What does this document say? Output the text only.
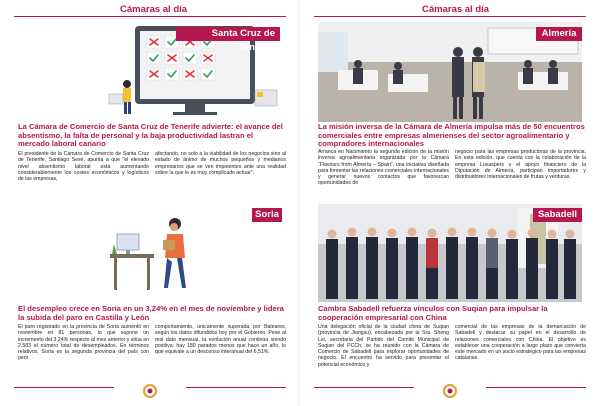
Cámaras al día
Santa Cruz de Tenerife
La Cámara de Comercio de Santa Cruz de Tenerife advierte: el avance del absentismo, la falta de personal y la baja productividad lastran el mercado laboral canario

El presidente de la Cámara de Comercio de Santa Cruz de Tenerife, Santiago Sesé, apunta a que “el elevado nivel absentismo laboral está aumentando considerablemente los costes económicos y logísticos de las empresas,

afectando, no solo a la viabilidad de los negocios sino al estado de ánimo de muchos pequeños y medianos empresarios que se ven impotentes ante una realidad sobre la que le es muy complicado actuar”.

Soria
El desempleo crece en Soria en un 3,24% en el mes de noviembre y lidera la subida del paro en Castilla y León

El paro registrado en la provincia de Soria aumentó en noviembre en 81 personas, lo que supone un incremento del 3,24% respecto al mes anterior y sitúa en 2.583 el número total de desempleados. En términos relativos, Soria es la segunda provincia del país con peor

comportamiento, únicamente superada por Baleares, según los datos difundidos hoy por el Gobierno. Pese al mal dato mensual, la evolución anual continúa siendo positiva: hay 180 parados menos que hace un año, lo que equivale a un descenso interanual del 6,51%.

Cámaras al día
Almería
La misión inversa de la Cámara de Almería impulsa más de 50 encuentros comerciales entre empresas almerienses del sector agroalimentario y compradores internacionales

Arranca en Nacimiento la segunda edición de la misión inversa agroalimentaria organizada por la Cámara “Flavours from Almería – Spain”, una iniciativa diseñada para fomentar las relaciones comerciales internacionales y generar nuevos contactos que favorezcan oportunidades de

negocio para las empresas productoras de la provincia. En esta edición, que cuenta con la colaboración de la empresa Luxaspers y el apoyo financiero de la Diputación de Almería, participan importadores y distribuidores internacionales de frutas y verduras.

Sabadell
Cambra Sabadell refuerza vínculos con Suqian para impulsar la cooperación empresarial con China

Una delegación oficial de la ciudad china de Suqian (provincia de Jiangsu), encabezada por la Sra. Sheng Lei, secretaria del Partido del Comité Municipal de Suqian del PCCh, se ha reunido con la Cámara de Comercio de Sabadell para explorar oportunidades de negocio. El encuentro ha servido para presentar el potencial económico y

comercial de las empresas de la demarcación de Sabadell y destacar su papel en el desarrollo de relaciones comerciales con China. El objetivo es establecer una cooperación a largo plazo que convierta este mercado en un socio estratégico para las empresas catalanas.
